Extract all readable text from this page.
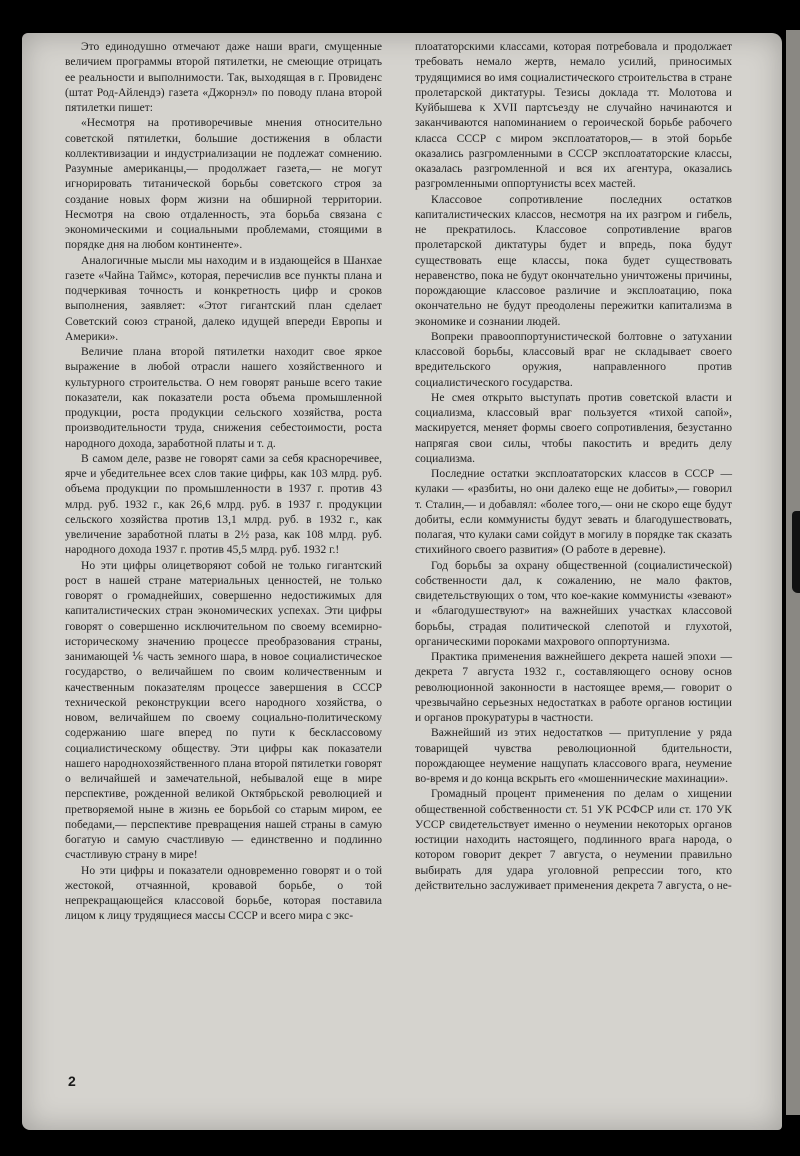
Это единодушно отмечают даже наши враги, смущенные величием программы второй пятилетки, не смеющие отрицать ее реальности и выполнимости. Так, выходящая в г. Провиденс (штат Род-Айлендэ) газета «Джорнэл» по поводу плана второй пятилетки пишет:

«Несмотря на противоречивые мнения относительно советской пятилетки, большие достижения в области коллективизации и индустриализации не подлежат сомнению. Разумные американцы,— продолжает газета,— не могут игнорировать титанической борьбы советского строя за создание новых форм жизни на обширной территории. Несмотря на свою отдаленность, эта борьба связана с экономическими и социальными проблемами, стоящими в порядке дня на любом континенте».

Аналогичные мысли мы находим и в издающейся в Шанхае газете «Чайна Таймс», которая, перечислив все пункты плана и подчеркивая точность и конкретность цифр и сроков выполнения, заявляет: «Этот гигантский план сделает Советский союз страной, далеко идущей впереди Европы и Америки».

Величие плана второй пятилетки находит свое яркое выражение в любой отрасли нашего хозяйственного и культурного строительства. О нем говорят раньше всего такие показатели, как показатели роста объема промышленной продукции, роста продукции сельского хозяйства, роста производительности труда, снижения себестоимости, роста народного дохода, заработной платы и т. д.

В самом деле, разве не говорят сами за себя красноречивее, ярче и убедительнее всех слов такие цифры, как 103 млрд. руб. объема продукции по промышленности в 1937 г. против 43 млрд. руб. 1932 г., как 26,6 млрд. руб. в 1937 г. продукции сельского хозяйства против 13,1 млрд. руб. в 1932 г., как увеличение заработной платы в 2½ раза, как 108 млрд. руб. народного дохода 1937 г. против 45,5 млрд. руб. 1932 г.!

Но эти цифры олицетворяют собой не только гигантский рост в нашей стране материальных ценностей, не только говорят о громаднейших, совершенно недостижимых для капиталистических стран экономических успехах. Эти цифры говорят о совершенно исключительном по своему всемирно-историческому значению процессе преобразования страны, занимающей ⅙ часть земного шара, в новое социалистическое государство, о величайшем по своим количественным и качественным показателям процессе завершения в СССР технической реконструкции всего народного хозяйства, о новом, величайшем по своему социально-политическому содержанию шаге вперед по пути к бесклассовому социалистическому обществу. Эти цифры как показатели нашего народнохозяйственного плана второй пятилетки говорят о величайшей и замечательной, небывалой еще в мире перспективе, рожденной великой Октябрьской революцией и претворяемой ныне в жизнь ее борьбой со старым миром, ее победами,— перспективе превращения нашей страны в самую богатую и самую счастливую — единственно и подлинно счастливую страну в мире!

Но эти цифры и показатели одновременно говорят и о той жестокой, отчаянной, кровавой борьбе, о той непрекращающейся классовой борьбе, которая поставила лицом к лицу трудящиеся массы СССР и всего мира с экс-

плоататорскими классами, которая потребовала и продолжает требовать немало жертв, немало усилий, приносимых трудящимися во имя социалистического строительства в стране пролетарской диктатуры. Тезисы доклада тт. Молотова и Куйбышева к XVII партсъезду не случайно начинаются и заканчиваются напоминанием о героической борьбе рабочего класса СССР с миром эксплоататоров,— в этой борьбе оказались разгромленными в СССР эксплоататорские классы, оказалась разгромленной и вся их агентура, оказались разгромленными оппортунисты всех мастей.

Классовое сопротивление последних остатков капиталистических классов, несмотря на их разгром и гибель, не прекратилось. Классовое сопротивление врагов пролетарской диктатуры будет и впредь, пока будут существовать еще классы, пока будет существовать неравенство, пока не будут окончательно уничтожены причины, порождающие классовое различие и эксплоатацию, пока окончательно не будут преодолены пережитки капитализма в экономике и сознании людей.

Вопреки правооппортунистической болтовне о затухании классовой борьбы, классовый враг не складывает своего вредительского оружия, направленного против социалистического государства.

Не смея открыто выступать против советской власти и социализма, классовый враг пользуется «тихой сапой», маскируется, меняет формы своего сопротивления, безустанно напрягая свои силы, чтобы пакостить и вредить делу социализма.

Последние остатки эксплоататорских классов в СССР — кулаки — «разбиты, но они далеко еще не добиты»,— говорил т. Сталин,— и добавлял: «более того,— они не скоро еще будут добиты, если коммунисты будут зевать и благодушествовать, полагая, что кулаки сами сойдут в могилу в порядке так сказать стихийного своего развития» (О работе в деревне).

Год борьбы за охрану общественной (социалистической) собственности дал, к сожалению, не мало фактов, свидетельствующих о том, что кое-какие коммунисты «зевают» и «благодушествуют» на важнейших участках классовой борьбы, страдая политической слепотой и глухотой, органическими пороками махрового оппортунизма.

Практика применения важнейшего декрета нашей эпохи — декрета 7 августа 1932 г., составляющего основу основ революционной законности в настоящее время,— говорит о чрезвычайно серьезных недостатках в работе органов юстиции и органов прокуратуры в частности.

Важнейший из этих недостатков — притупление у ряда товарищей чувства революционной бдительности, порождающее неумение нащупать классового врага, неумение во-время и до конца вскрыть его «мошеннические махинации».

Громадный процент применения по делам о хищении общественной собственности ст. 51 УК РСФСР или ст. 170 УК УССР свидетельствует именно о неумении некоторых органов юстиции находить настоящего, подлинного врага народа, о котором говорит декрет 7 августа, о неумении правильно выбирать для удара уголовной репрессии того, кто действительно заслуживает применения декрета 7 августа, о не-

2
